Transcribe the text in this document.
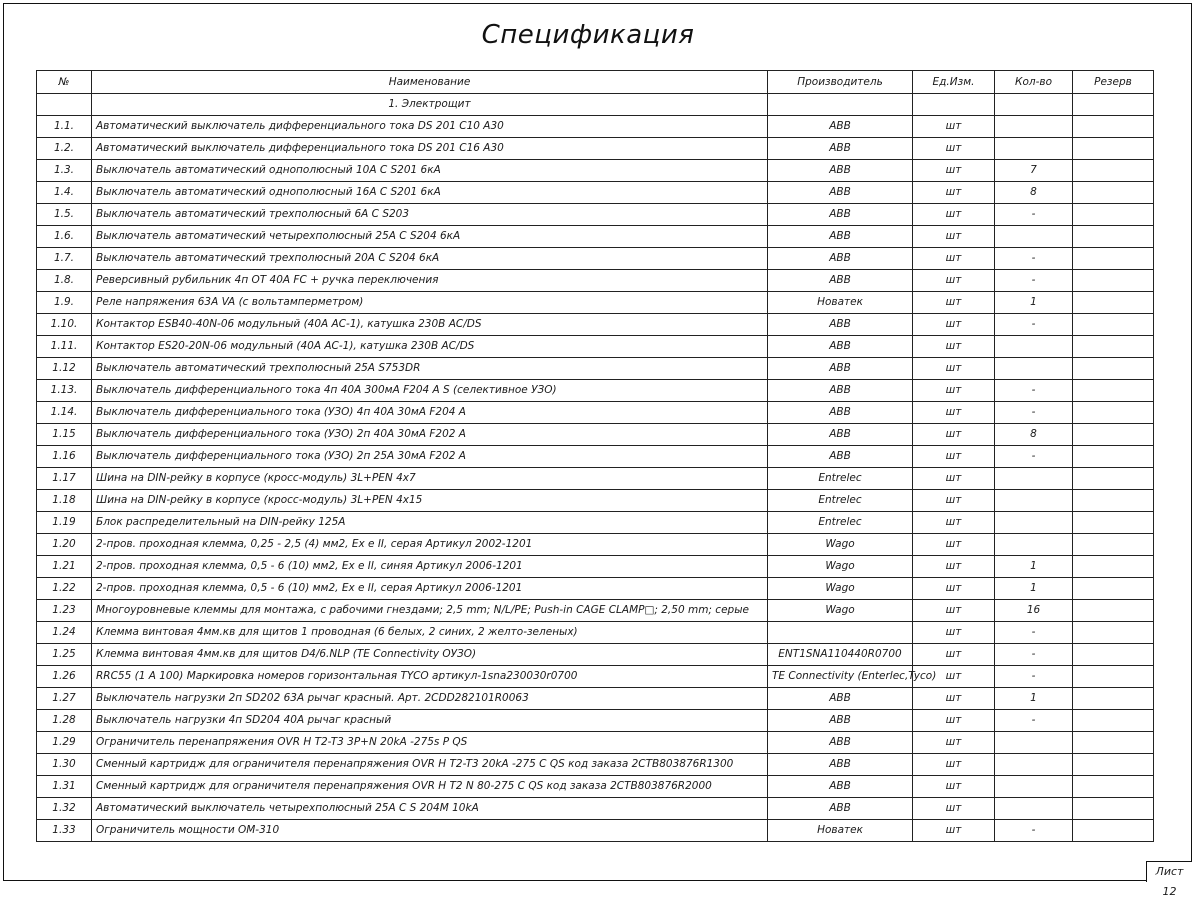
Спецификация
№	Наименование	Производитель	Ед.Изм.	Кол-во	Резерв
	1. Электрощит				
1.1.	Автоматический выключатель дифференциального тока DS 201 C10 A30	ABB	шт		
1.2.	Автоматический выключатель дифференциального тока DS 201 C16 A30	ABB	шт		
1.3.	Выключатель автоматический однополюсный 10А C S201 6кА	ABB	шт	7	
1.4.	Выключатель автоматический однополюсный 16А C S201 6кА	ABB	шт	8	
1.5.	Выключатель автоматический трехполюсный 6А C S203	ABB	шт	-	
1.6.	Выключатель автоматический четырехполюсный 25А C S204 6кА	ABB	шт		
1.7.	Выключатель автоматический трехполюсный 20А C S204 6кА	ABB	шт	-	
1.8.	Реверсивный рубильник 4п OT 40A FC + ручка переключения	ABB	шт	-	
1.9.	Реле напряжения 63A VA (с вольтамперметром)	Новатек	шт	1	
1.10.	Контактор ESB40-40N-06 модульный (40А АС-1), катушка 230В AC/DS	ABB	шт	-	
1.11.	Контактор ES20-20N-06 модульный (40А АС-1), катушка 230В AC/DS	ABB	шт		
1.12	Выключатель автоматический трехполюсный 25А S753DR	ABB	шт		
1.13.	Выключатель дифференциального тока 4п 40А 300мА F204 A S (селективное УЗО)	ABB	шт	-	
1.14.	Выключатель дифференциального тока (УЗО) 4п 40А 30мА F204 A	ABB	шт	-	
1.15	Выключатель дифференциального тока (УЗО) 2п 40А 30мА F202 A	ABB	шт	8	
1.16	Выключатель дифференциального тока (УЗО) 2п 25А 30мА F202 A	ABB	шт	-	
1.17	Шина на DIN-рейку в корпусе (кросс-модуль) 3L+PEN 4x7	Entrelec	шт		
1.18	Шина на DIN-рейку в корпусе (кросс-модуль) 3L+PEN 4x15	Entrelec	шт		
1.19	Блок распределительный на DIN-рейку 125А	Entrelec	шт		
1.20	2-пров. проходная клемма, 0,25 - 2,5 (4) мм2, Ex e II, серая Артикул 2002-1201	Wago	шт		
1.21	2-пров. проходная клемма, 0,5 - 6 (10) мм2, Ex e II, синяя Артикул 2006-1201	Wago	шт	1	
1.22	2-пров. проходная клемма, 0,5 - 6 (10) мм2, Ex e II, серая Артикул 2006-1201	Wago	шт	1	
1.23	Многоуровневые клеммы для монтажа, с рабочими гнездами; 2,5 mm; N/L/PE; Push-in CAGE CLAMP□; 2,50 mm; серые	Wago	шт	16	
1.24	Клемма винтовая 4мм.кв для щитов 1 проводная (6 белых, 2 синих, 2 желто-зеленых)		шт	-	
1.25	Клемма винтовая 4мм.кв для щитов D4/6.NLP (TE Connectivity OУЗО)	ENT1SNA110440R0700	шт	-	
1.26	RRC55 (1 A 100) Маркировка номеров горизонтальная TYCO артикул-1sna230030r0700	TE Connectivity (Enterlec,Tyco)	шт	-	
1.27	Выключатель нагрузки 2п SD202 63А рычаг красный. Арт. 2CDD282101R0063	ABB	шт	1	
1.28	Выключатель нагрузки 4п SD204 40А рычаг красный	ABB	шт	-	
1.29	Ограничитель перенапряжения OVR H T2-T3 3P+N 20kA -275s P QS	ABB	шт		
1.30	Сменный картридж для ограничителя перенапряжения OVR H T2-T3 20kA -275 C QS код заказа 2CTB803876R1300	ABB	шт		
1.31	Сменный картридж для ограничителя перенапряжения OVR H T2 N 80-275 C QS код заказа 2CTB803876R2000	ABB	шт		
1.32	Автоматический выключатель четырехполюсный 25А C S 204M 10kA	ABB	шт		
1.33	Ограничитель мощности OM-310	Новатек	шт	-	
Лист 12
